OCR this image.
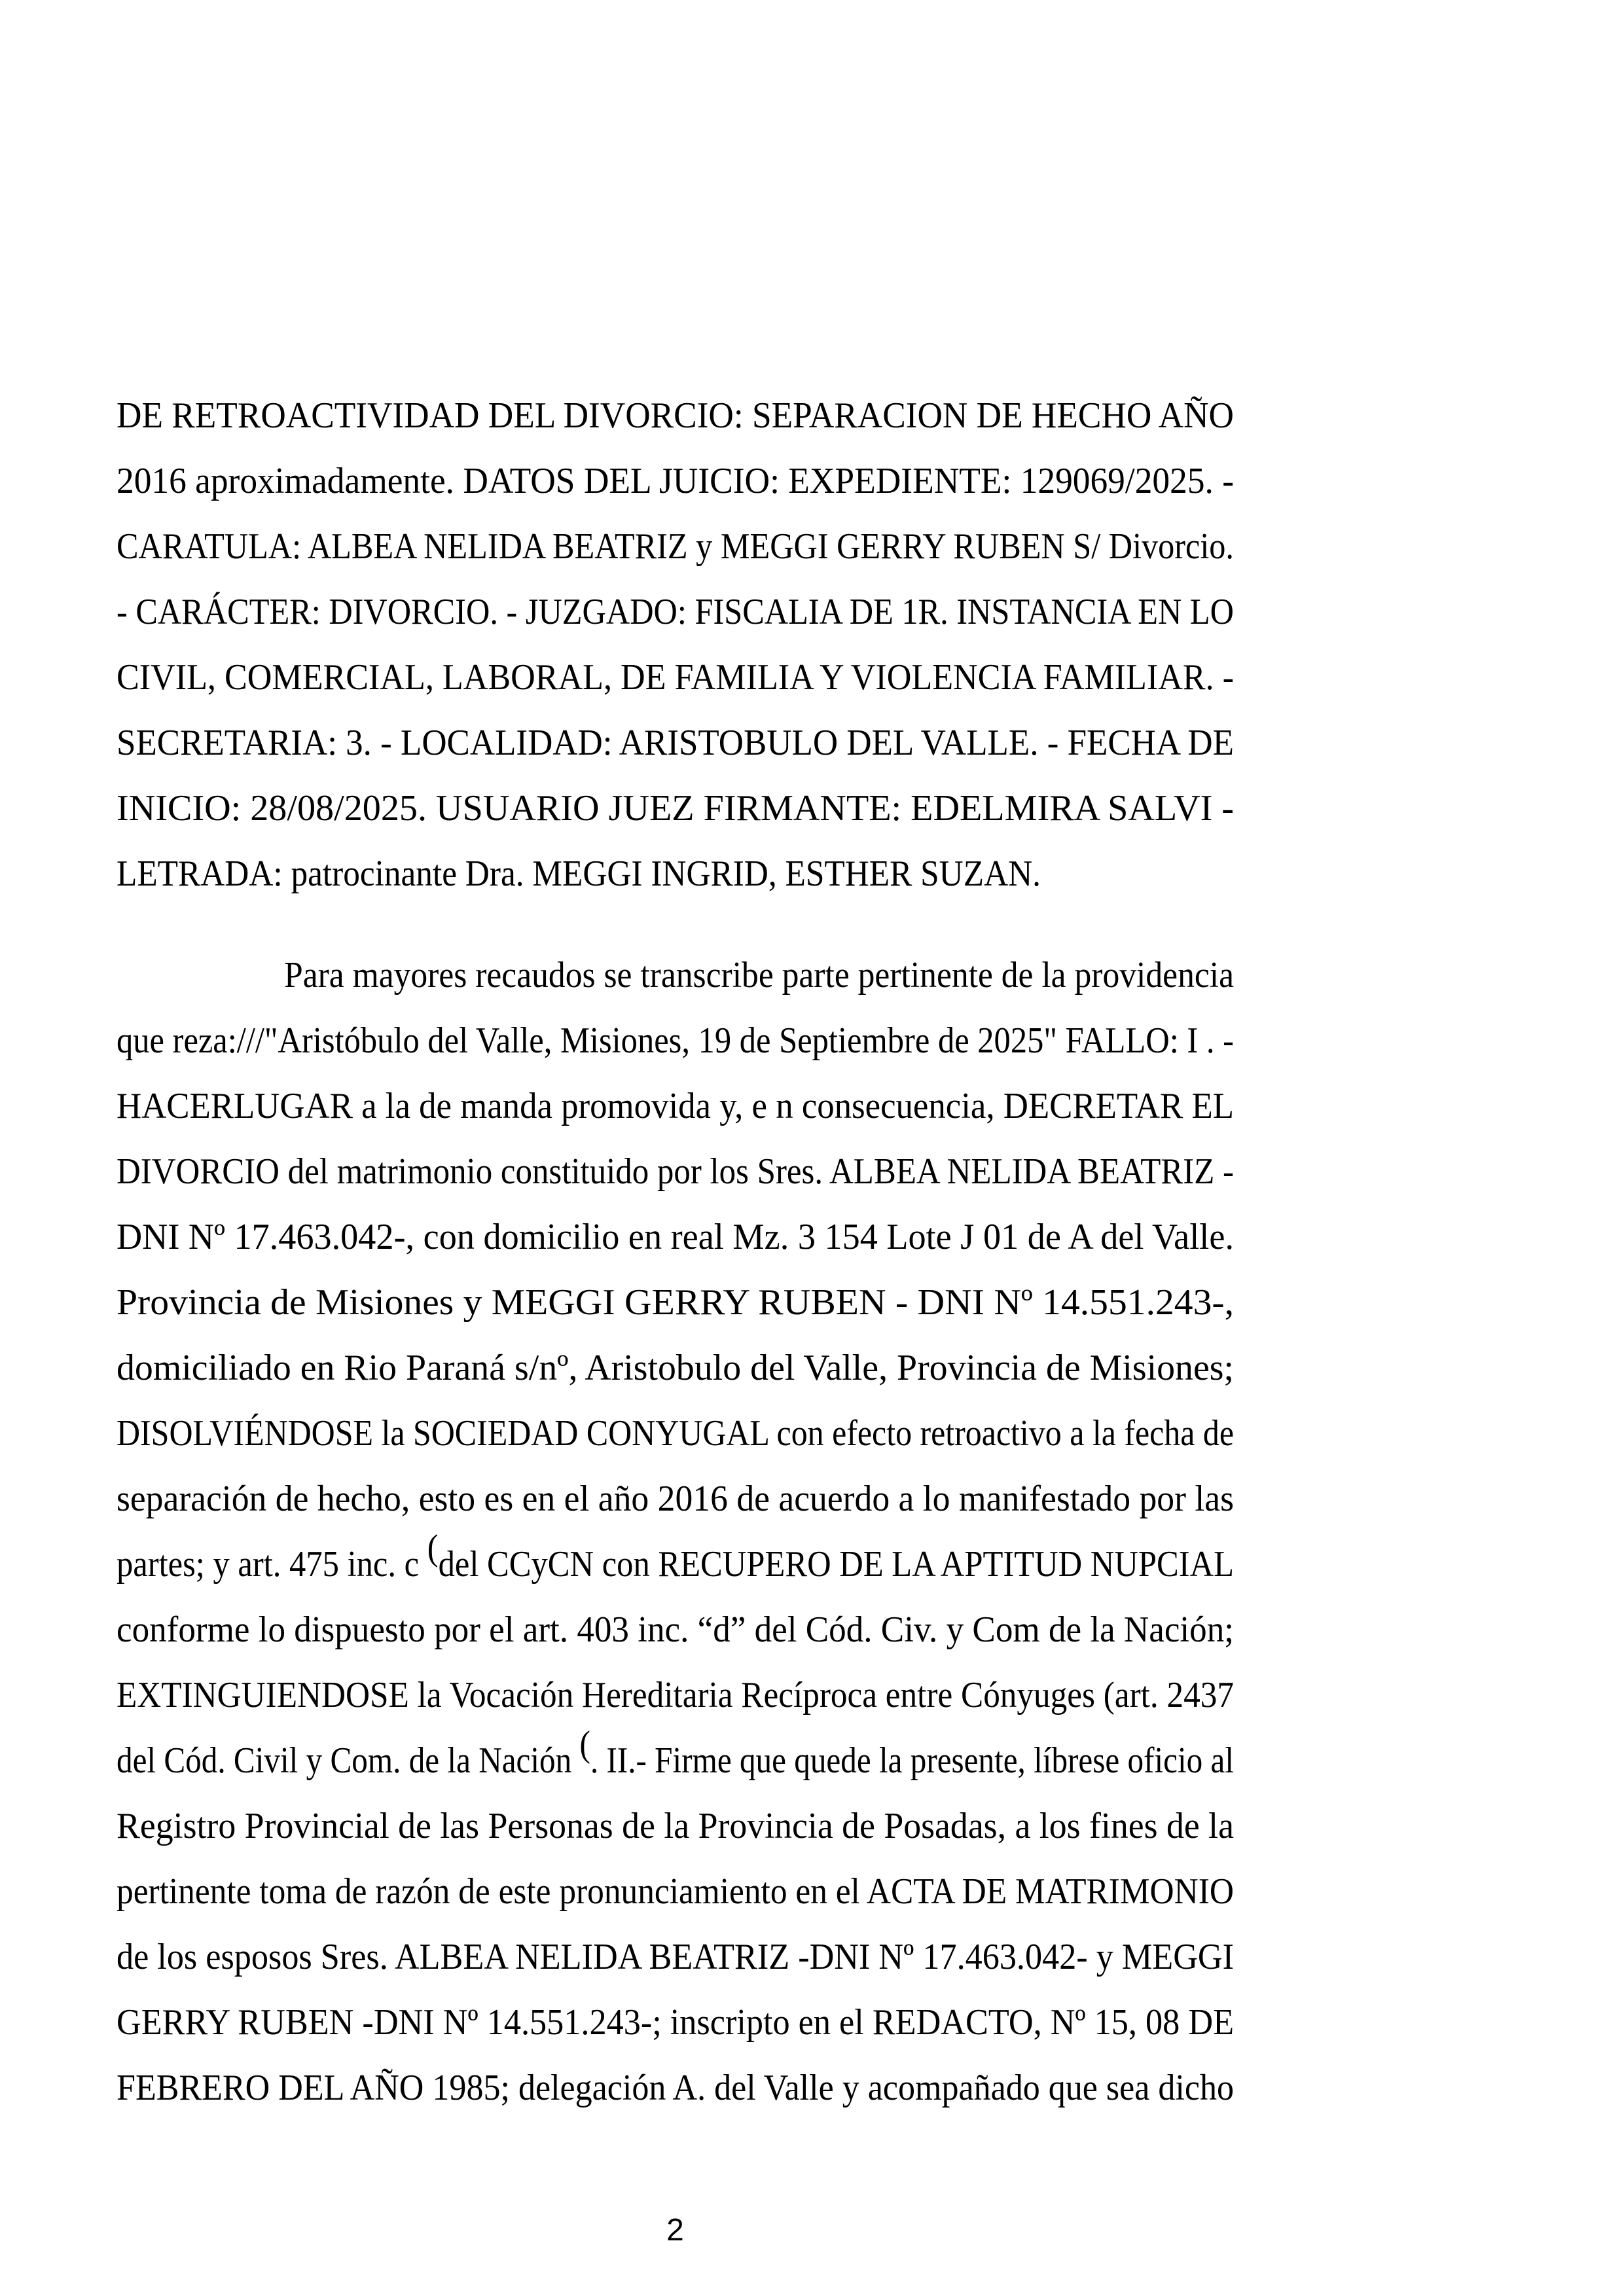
DE RETROACTIVIDAD DEL DIVORCIO: SEPARACION DE HECHO AÑO
2016 aproximadamente. DATOS DEL JUICIO: EXPEDIENTE: 129069/2025. -
CARATULA: ALBEA NELIDA BEATRIZ y MEGGI GERRY RUBEN S/ Divorcio.
- CARÁCTER: DIVORCIO. - JUZGADO: FISCALIA DE 1R. INSTANCIA EN LO
CIVIL, COMERCIAL, LABORAL, DE FAMILIA Y VIOLENCIA FAMILIAR. -
SECRETARIA: 3. - LOCALIDAD: ARISTOBULO DEL VALLE. - FECHA DE
INICIO: 28/08/2025. USUARIO JUEZ FIRMANTE: EDELMIRA SALVI -
LETRADA: patrocinante Dra. MEGGI INGRID, ESTHER SUZAN.
Para mayores recaudos se transcribe parte pertinente de la providencia
que reza:///"Aristóbulo del Valle, Misiones, 19 de Septiembre de 2025" FALLO: I . -
HACERLUGAR a la de manda promovida y, e n consecuencia, DECRETAR EL
DIVORCIO del matrimonio constituido por los Sres. ALBEA NELIDA BEATRIZ -
DNI Nº 17.463.042-, con domicilio en real Mz. 3 154 Lote J 01 de A del Valle.
Provincia de Misiones y MEGGI GERRY RUBEN - DNI Nº 14.551.243-,
domiciliado en Rio Paraná s/nº, Aristobulo del Valle, Provincia de Misiones;
DISOLVIÉNDOSE la SOCIEDAD CONYUGAL con efecto retroactivo a la fecha de
separación de hecho, esto es en el año 2016 de acuerdo a lo manifestado por las
partes; y art. 475 inc. c (del CCyCN con RECUPERO DE LA APTITUD NUPCIAL
conforme lo dispuesto por el art. 403 inc. “d” del Cód. Civ. y Com de la Nación;
EXTINGUIENDOSE la Vocación Hereditaria Recíproca entre Cónyuges (art. 2437
del Cód. Civil y Com. de la Nación (. II.- Firme que quede la presente, líbrese oficio al
Registro Provincial de las Personas de la Provincia de Posadas, a los fines de la
pertinente toma de razón de este pronunciamiento en el ACTA DE MATRIMONIO
de los esposos Sres. ALBEA NELIDA BEATRIZ -DNI Nº 17.463.042- y MEGGI
GERRY RUBEN -DNI Nº 14.551.243-; inscripto en el REDACTO, Nº 15, 08 DE
FEBRERO DEL AÑO 1985; delegación A. del Valle y acompañado que sea dicho
2
